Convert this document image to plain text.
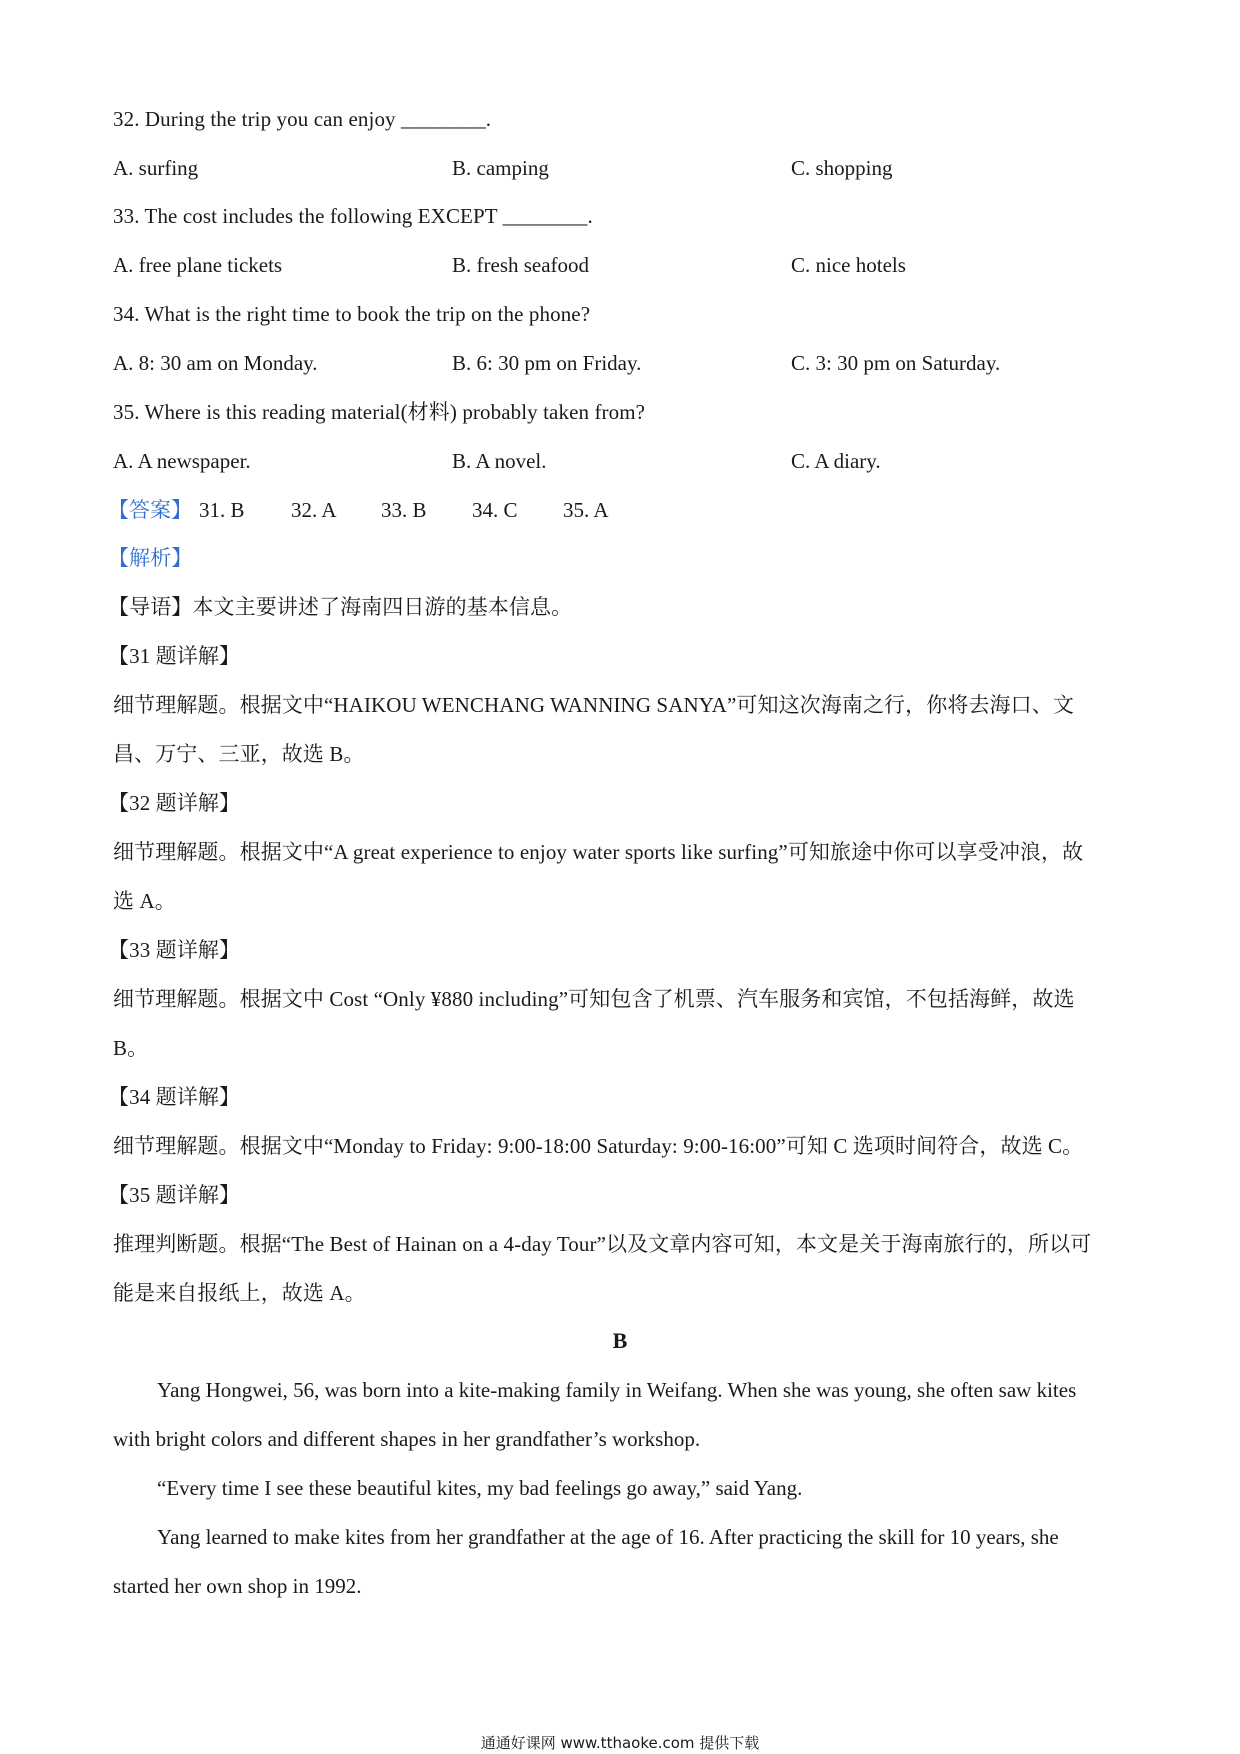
32. During the trip you can enjoy ________.
A. surfing	B. camping	C. shopping
33. The cost includes the following EXCEPT ________.
A. free plane tickets	B. fresh seafood	C. nice hotels
34. What is the right time to book the trip on the phone?
A. 8: 30 am on Monday.	B. 6: 30 pm on Friday.	C. 3: 30 pm on Saturday.
35. Where is this reading material(材料) probably taken from?
A. A newspaper.	B. A novel.	C. A diary.
【答案】 31. B 32. A 33. B 34. C 35. A
【解析】
【导语】本文主要讲述了海南四日游的基本信息。
【31 题详解】
细节理解题。根据文中“HAIKOU WENCHANG WANNING SANYA”可知这次海南之行，你将去海口、文
昌、万宁、三亚，故选 B。
【32 题详解】
细节理解题。根据文中“A great experience to enjoy water sports like surfing”可知旅途中你可以享受冲浪，故
选 A。
【33 题详解】
细节理解题。根据文中 Cost “Only ¥880 including”可知包含了机票、汽车服务和宾馆，不包括海鲜，故选
B。
【34 题详解】
细节理解题。根据文中“Monday to Friday: 9:00-18:00 Saturday: 9:00-16:00”可知 C 选项时间符合，故选 C。
【35 题详解】
推理判断题。根据“The Best of Hainan on a 4-day Tour”以及文章内容可知，本文是关于海南旅行的，所以可
能是来自报纸上，故选 A。
B
Yang Hongwei, 56, was born into a kite-making family in Weifang. When she was young, she often saw kites
with bright colors and different shapes in her grandfather’s workshop.
“Every time I see these beautiful kites, my bad feelings go away,” said Yang.
Yang learned to make kites from her grandfather at the age of 16. After practicing the skill for 10 years, she
started her own shop in 1992.
通通好课网 www.tthaoke.com 提供下载
